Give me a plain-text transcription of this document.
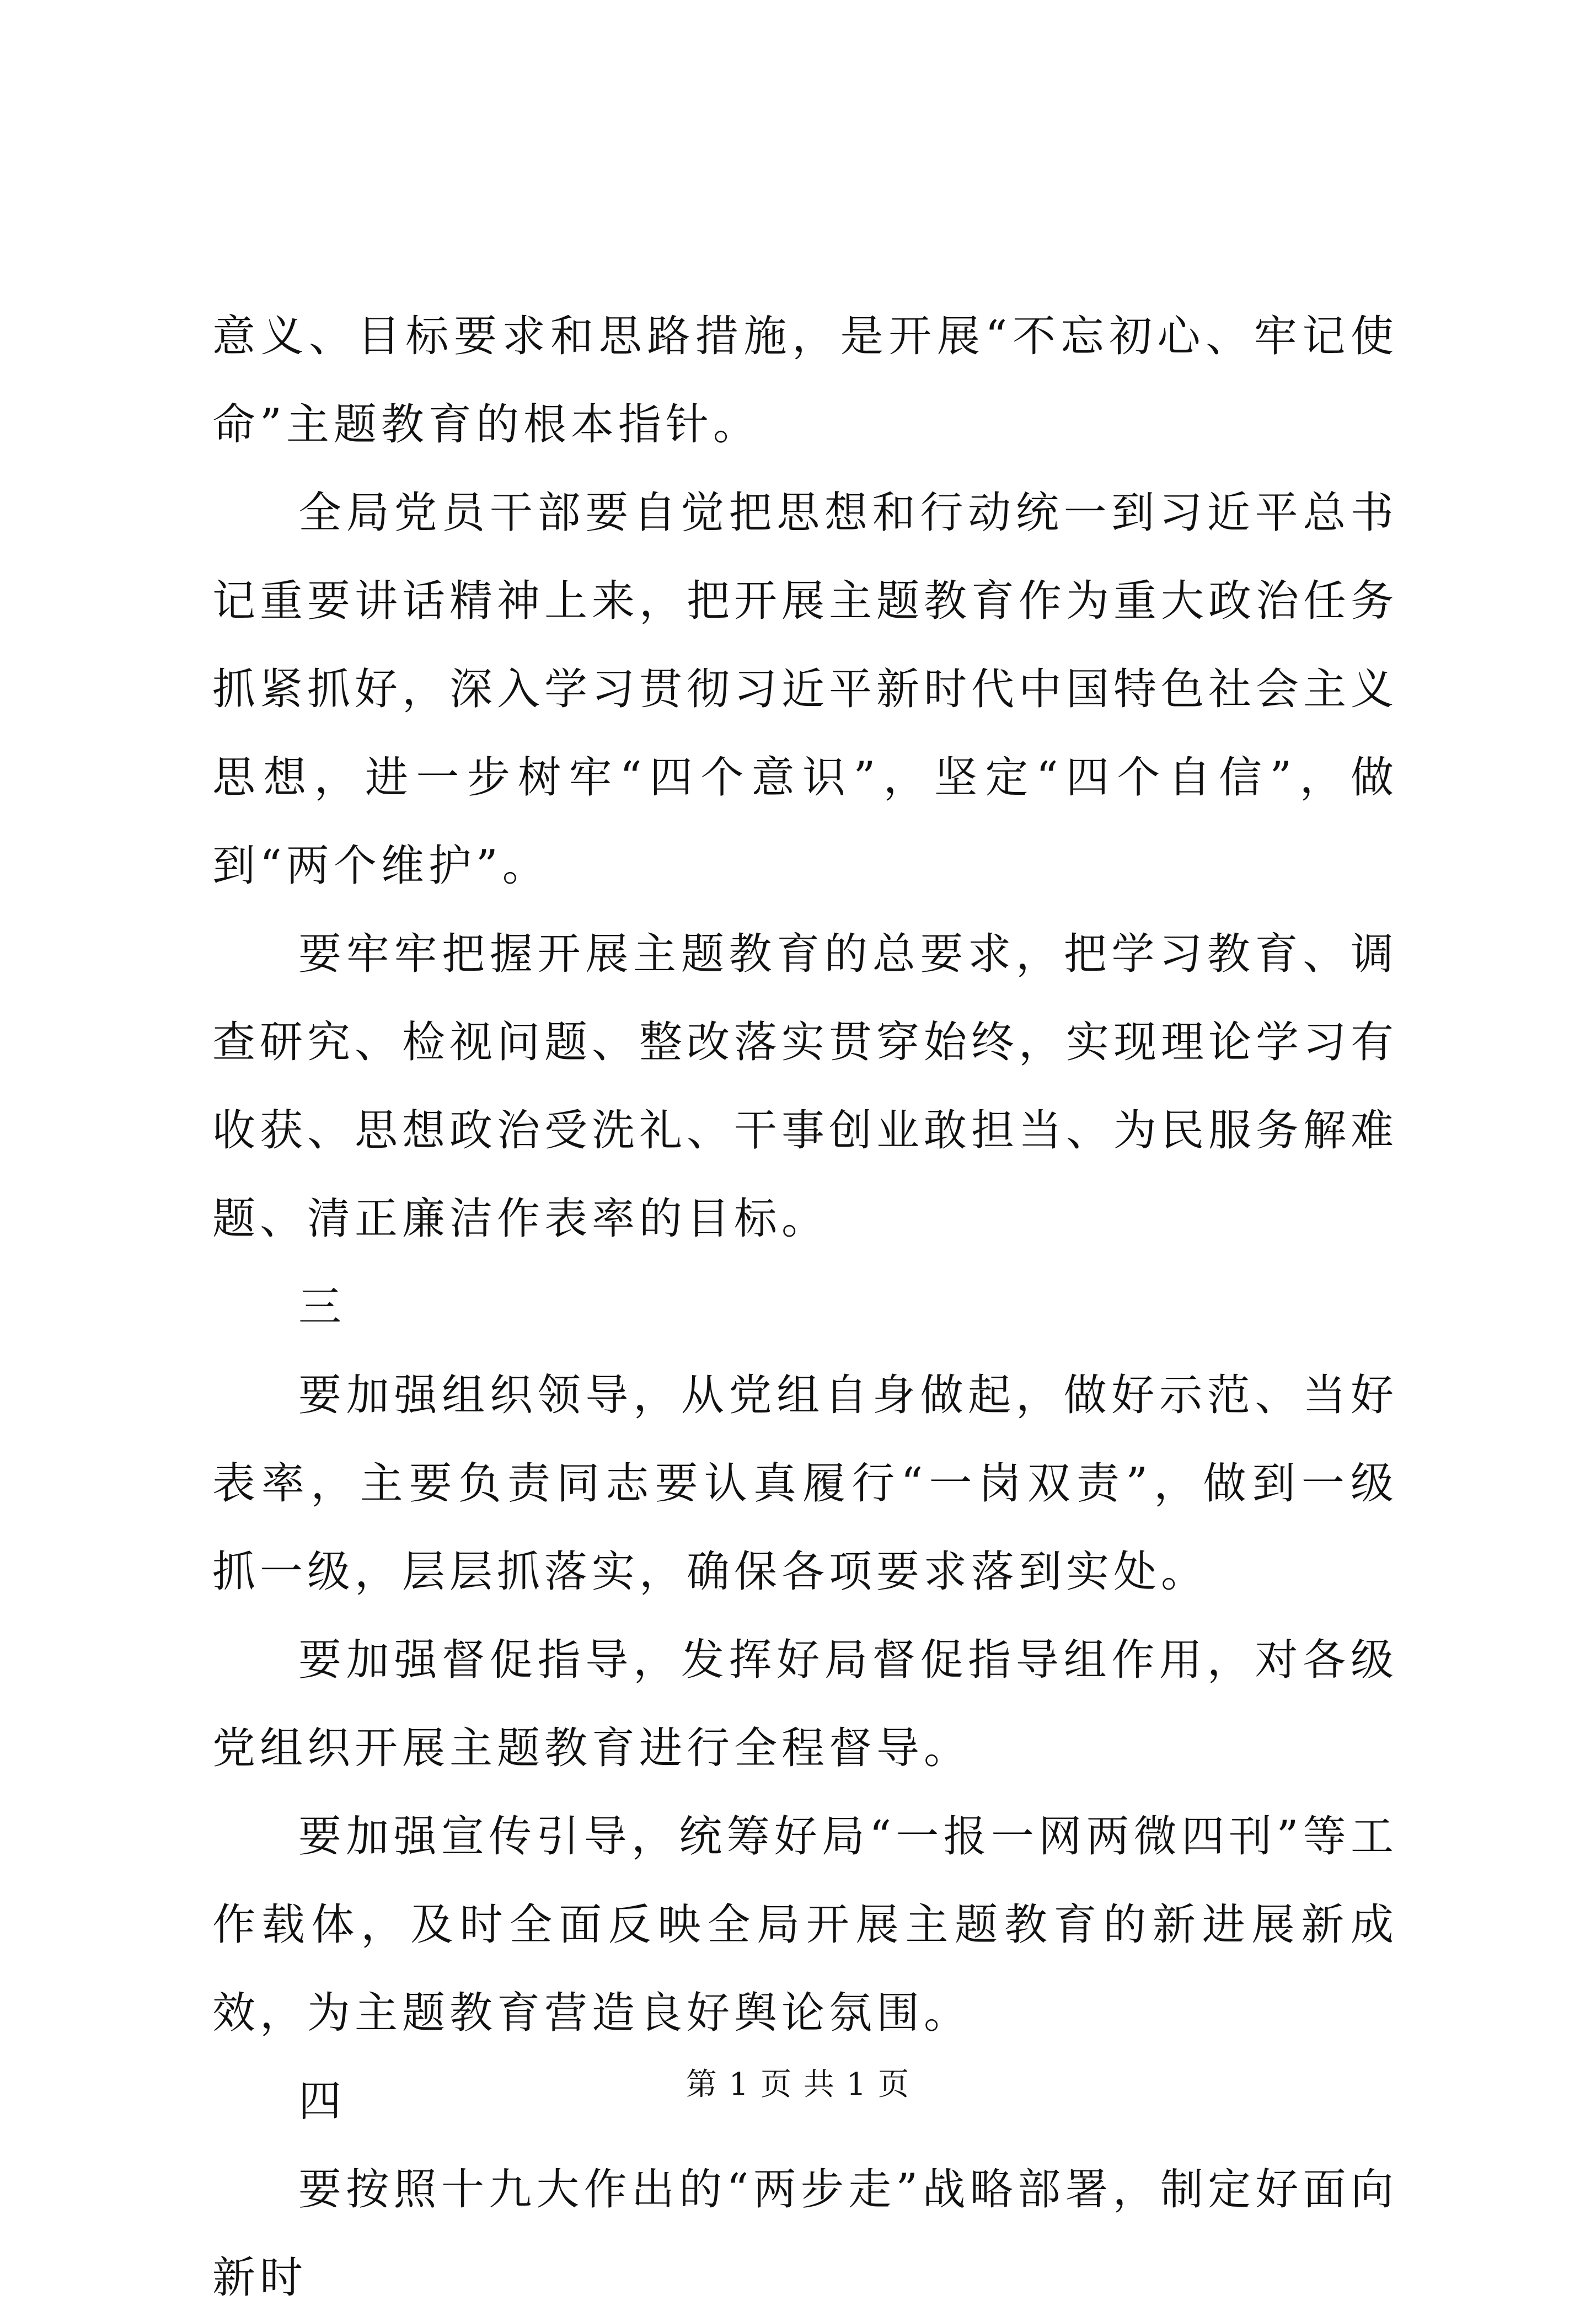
意义、目标要求和思路措施，是开展“不忘初心、牢记使命”主题教育的根本指针。

全局党员干部要自觉把思想和行动统一到习近平总书记重要讲话精神上来，把开展主题教育作为重大政治任务抓紧抓好，深入学习贯彻习近平新时代中国特色社会主义思想，进一步树牢“四个意识”，坚定“四个自信”，做到“两个维护”。

要牢牢把握开展主题教育的总要求，把学习教育、调查研究、检视问题、整改落实贯穿始终，实现理论学习有收获、思想政治受洗礼、干事创业敢担当、为民服务解难题、清正廉洁作表率的目标。

三

要加强组织领导，从党组自身做起，做好示范、当好表率，主要负责同志要认真履行“一岗双责”，做到一级抓一级，层层抓落实，确保各项要求落到实处。

要加强督促指导，发挥好局督促指导组作用，对各级党组织开展主题教育进行全程督导。

要加强宣传引导，统筹好局“一报一网两微四刊”等工作载体，及时全面反映全局开展主题教育的新进展新成效，为主题教育营造良好舆论氛围。

四

要按照十九大作出的“两步走”战略部署，制定好面向新时

第 1 页 共 1 页
